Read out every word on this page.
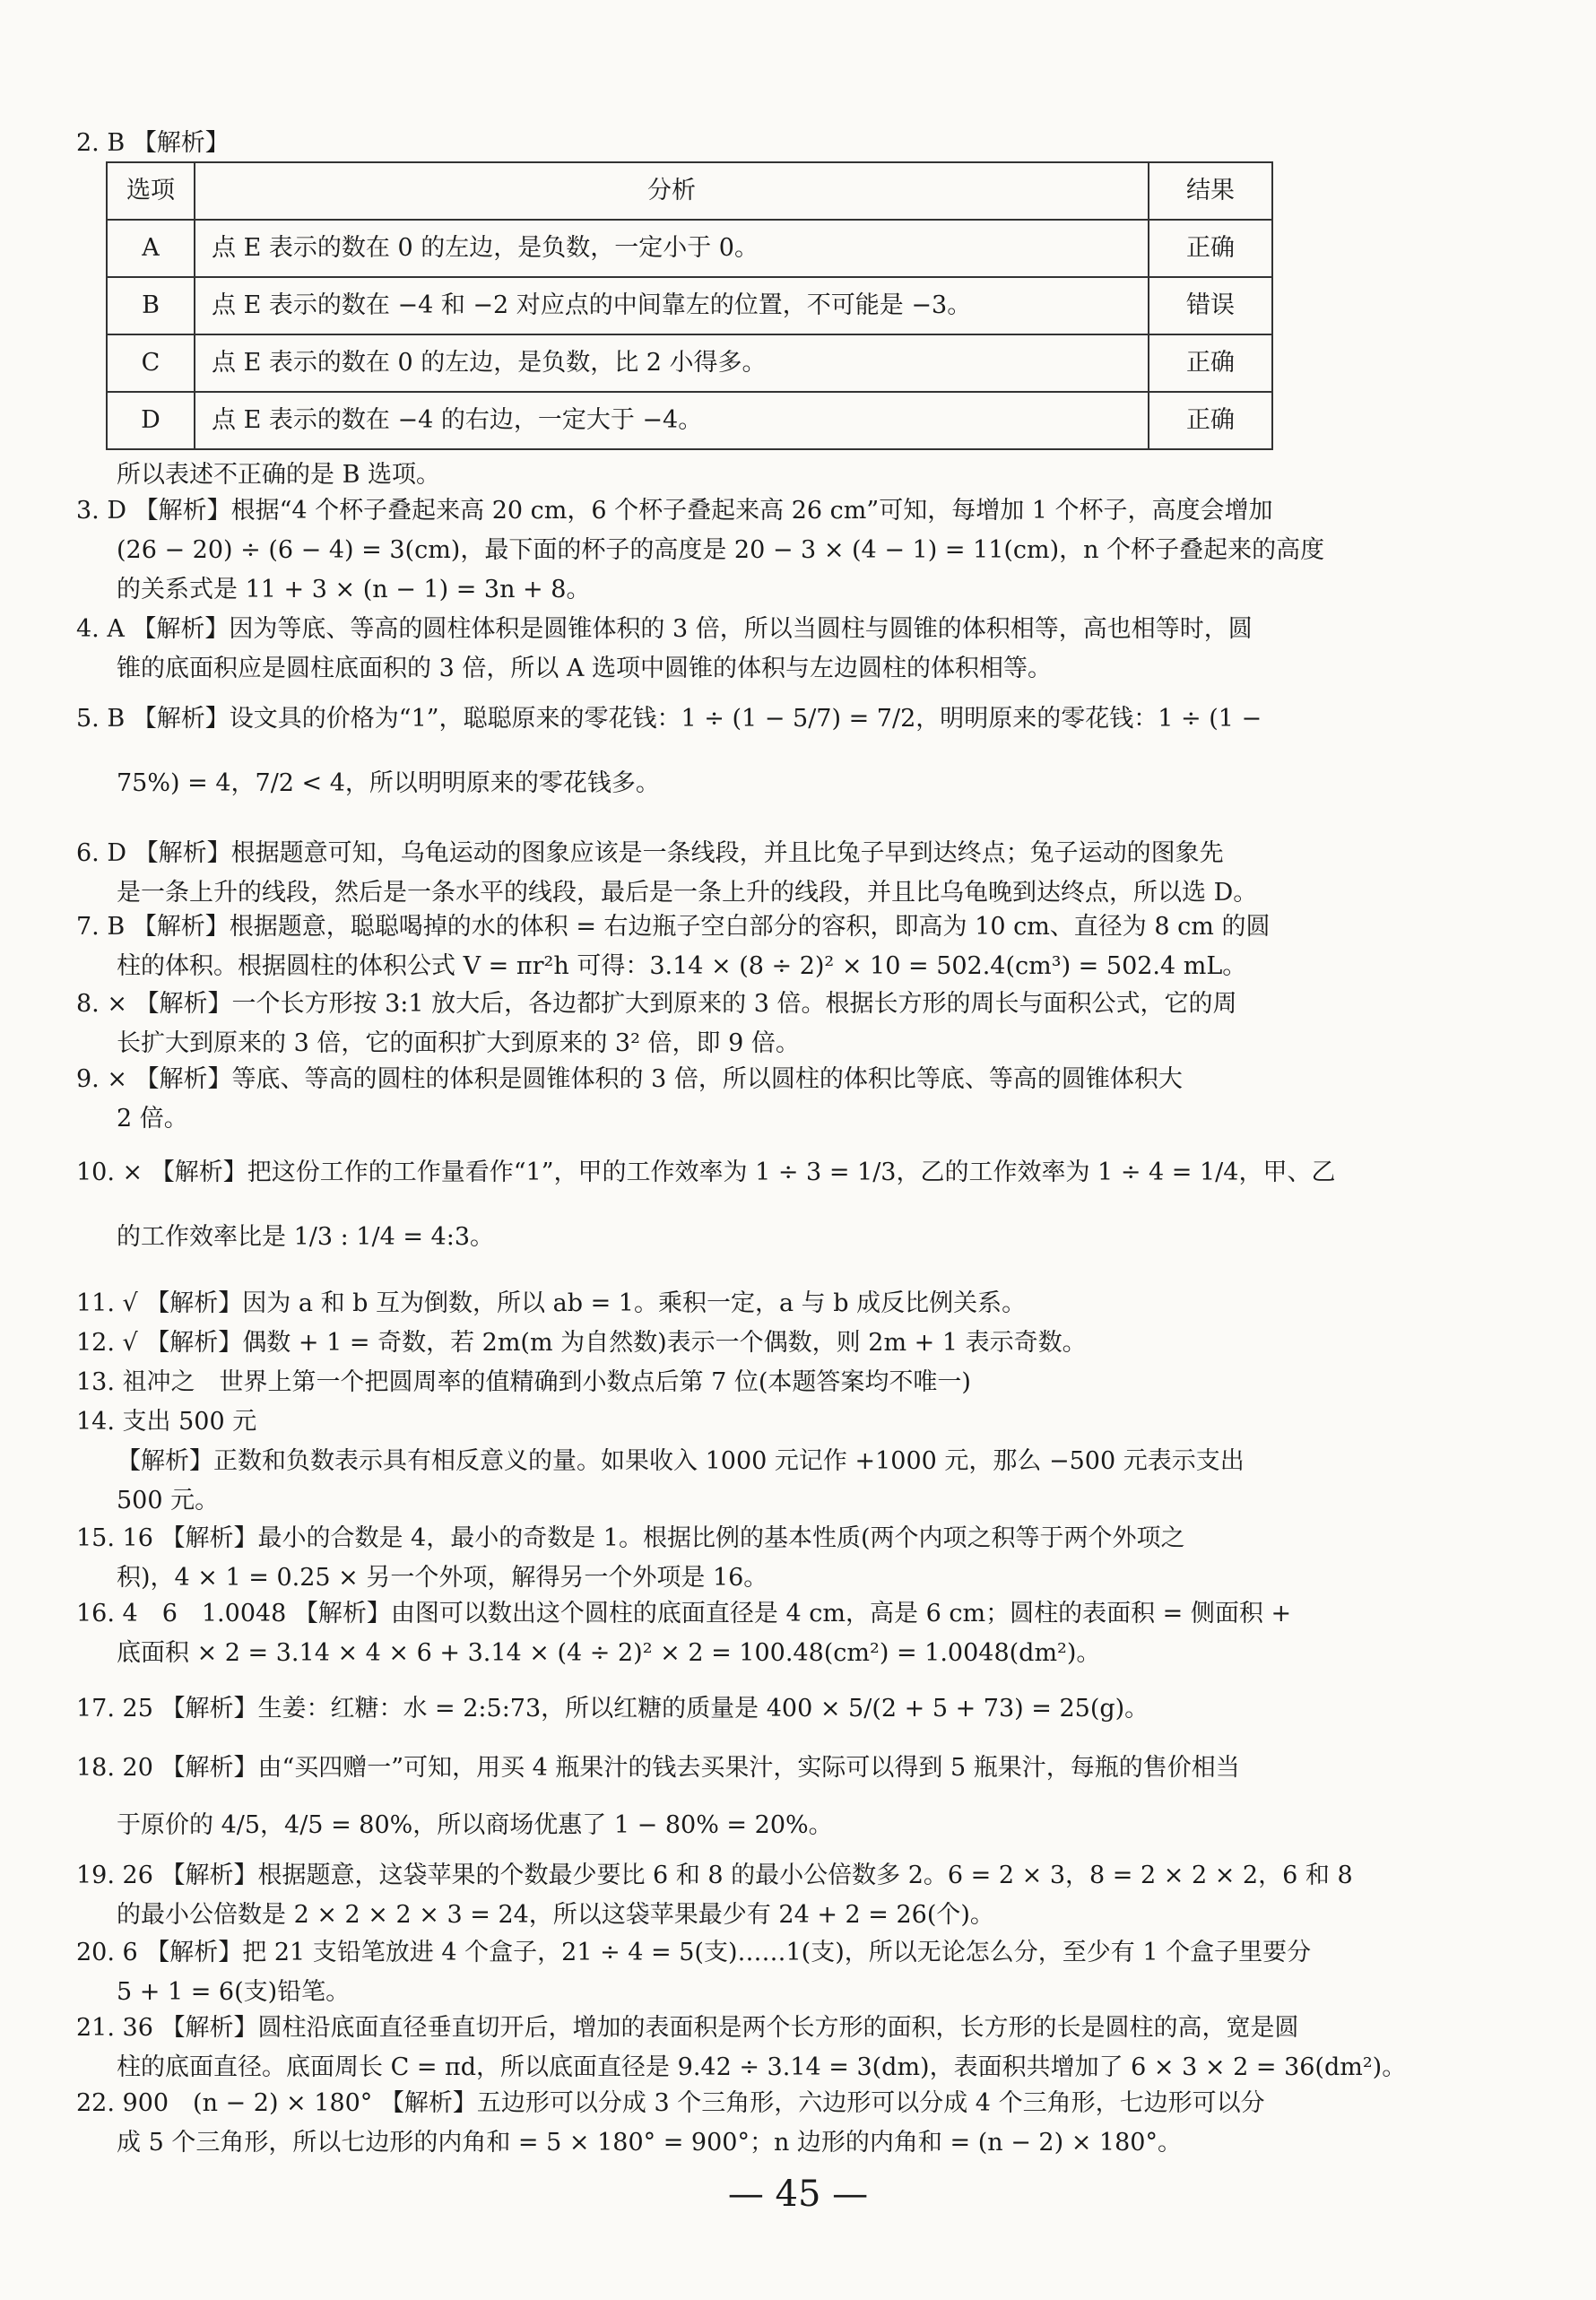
2. B 【解析】
选项	分析	结果
A	点 E 表示的数在 0 的左边，是负数，一定小于 0。	正确
B	点 E 表示的数在 −4 和 −2 对应点的中间靠左的位置，不可能是 −3。	错误
C	点 E 表示的数在 0 的左边，是负数，比 2 小得多。	正确
D	点 E 表示的数在 −4 的右边，一定大于 −4。	正确
所以表述不正确的是 B 选项。
3. D 【解析】根据“4 个杯子叠起来高 20 cm，6 个杯子叠起来高 26 cm”可知，每增加 1 个杯子，高度会增加
(26 − 20) ÷ (6 − 4) = 3(cm)，最下面的杯子的高度是 20 − 3 × (4 − 1) = 11(cm)，n 个杯子叠起来的高度
的关系式是 11 + 3 × (n − 1) = 3n + 8。
4. A 【解析】因为等底、等高的圆柱体积是圆锥体积的 3 倍，所以当圆柱与圆锥的体积相等，高也相等时，圆
锥的底面积应是圆柱底面积的 3 倍，所以 A 选项中圆锥的体积与左边圆柱的体积相等。
5. B 【解析】设文具的价格为“1”，聪聪原来的零花钱：1 ÷ (1 − 5/7) = 7/2，明明原来的零花钱：1 ÷ (1 −
75%) = 4，7/2 < 4，所以明明原来的零花钱多。
6. D 【解析】根据题意可知，乌龟运动的图象应该是一条线段，并且比兔子早到达终点；兔子运动的图象先
是一条上升的线段，然后是一条水平的线段，最后是一条上升的线段，并且比乌龟晚到达终点，所以选 D。
7. B 【解析】根据题意，聪聪喝掉的水的体积 = 右边瓶子空白部分的容积，即高为 10 cm、直径为 8 cm 的圆
柱的体积。根据圆柱的体积公式 V = πr²h 可得：3.14 × (8 ÷ 2)² × 10 = 502.4(cm³) = 502.4 mL。
8. × 【解析】一个长方形按 3:1 放大后，各边都扩大到原来的 3 倍。根据长方形的周长与面积公式，它的周
长扩大到原来的 3 倍，它的面积扩大到原来的 3² 倍，即 9 倍。
9. × 【解析】等底、等高的圆柱的体积是圆锥体积的 3 倍，所以圆柱的体积比等底、等高的圆锥体积大
2 倍。
10. × 【解析】把这份工作的工作量看作“1”，甲的工作效率为 1 ÷ 3 = 1/3，乙的工作效率为 1 ÷ 4 = 1/4，甲、乙
的工作效率比是 1/3 : 1/4 = 4:3。
11. √ 【解析】因为 a 和 b 互为倒数，所以 ab = 1。乘积一定，a 与 b 成反比例关系。
12. √ 【解析】偶数 + 1 = 奇数，若 2m(m 为自然数)表示一个偶数，则 2m + 1 表示奇数。
13. 祖冲之　世界上第一个把圆周率的值精确到小数点后第 7 位(本题答案均不唯一)
14. 支出 500 元
【解析】正数和负数表示具有相反意义的量。如果收入 1000 元记作 +1000 元，那么 −500 元表示支出
500 元。
15. 16 【解析】最小的合数是 4，最小的奇数是 1。根据比例的基本性质(两个内项之积等于两个外项之
积)，4 × 1 = 0.25 × 另一个外项，解得另一个外项是 16。
16. 4　6　1.0048 【解析】由图可以数出这个圆柱的底面直径是 4 cm，高是 6 cm；圆柱的表面积 = 侧面积 +
底面积 × 2 = 3.14 × 4 × 6 + 3.14 × (4 ÷ 2)² × 2 = 100.48(cm²) = 1.0048(dm²)。
17. 25 【解析】生姜：红糖：水 = 2:5:73，所以红糖的质量是 400 × 5/(2 + 5 + 73) = 25(g)。
18. 20 【解析】由“买四赠一”可知，用买 4 瓶果汁的钱去买果汁，实际可以得到 5 瓶果汁，每瓶的售价相当
于原价的 4/5，4/5 = 80%，所以商场优惠了 1 − 80% = 20%。
19. 26 【解析】根据题意，这袋苹果的个数最少要比 6 和 8 的最小公倍数多 2。6 = 2 × 3，8 = 2 × 2 × 2，6 和 8
的最小公倍数是 2 × 2 × 2 × 3 = 24，所以这袋苹果最少有 24 + 2 = 26(个)。
20. 6 【解析】把 21 支铅笔放进 4 个盒子，21 ÷ 4 = 5(支)……1(支)，所以无论怎么分，至少有 1 个盒子里要分
5 + 1 = 6(支)铅笔。
21. 36 【解析】圆柱沿底面直径垂直切开后，增加的表面积是两个长方形的面积，长方形的长是圆柱的高，宽是圆
柱的底面直径。底面周长 C = πd，所以底面直径是 9.42 ÷ 3.14 = 3(dm)，表面积共增加了 6 × 3 × 2 = 36(dm²)。
22. 900　(n − 2) × 180° 【解析】五边形可以分成 3 个三角形，六边形可以分成 4 个三角形，七边形可以分
成 5 个三角形，所以七边形的内角和 = 5 × 180° = 900°；n 边形的内角和 = (n − 2) × 180°。
— 45 —
